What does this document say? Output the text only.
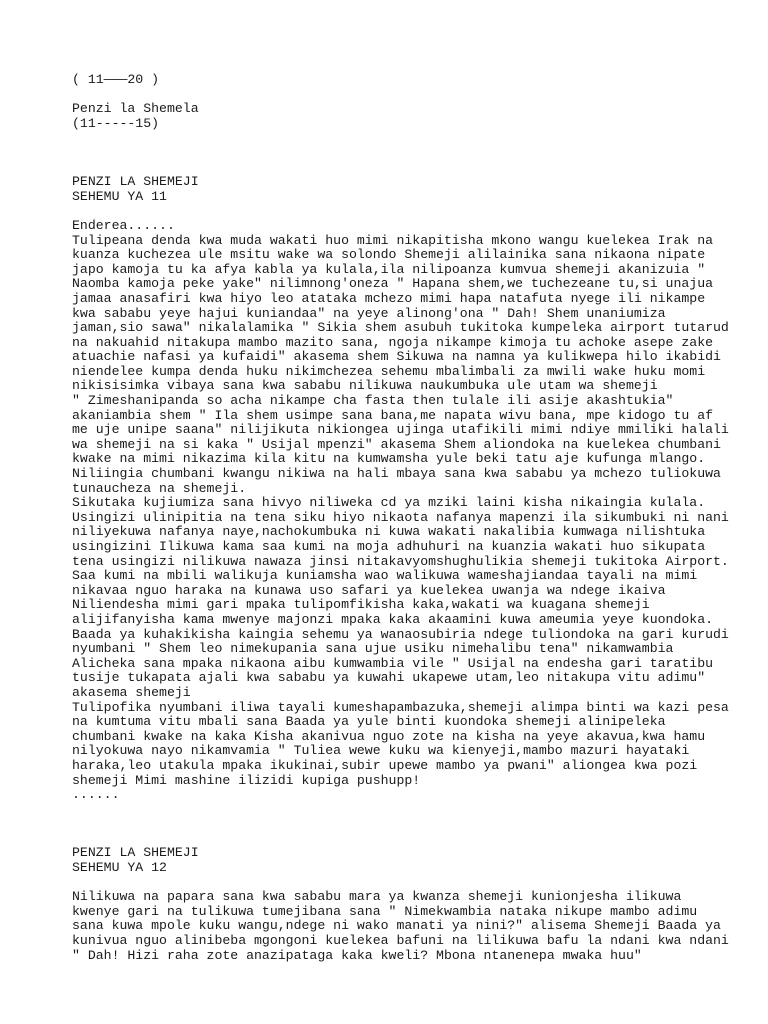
( 11———20 )
Penzi la Shemela
(11-----15)
PENZI LA SHEMEJI
SEHEMU YA 11
Enderea......
Tulipeana denda kwa muda wakati huo mimi nikapitisha mkono wangu kuelekea Irak na
kuanza kuchezea ule msitu wake wa solondo Shemeji alilainika sana nikaona nipate
japo kamoja tu ka afya kabla ya kulala,ila nilipoanza kumvua shemeji akanizuia "
Naomba kamoja peke yake" nilimnong'oneza " Hapana shem,we tuchezeane tu,si unajua
jamaa anasafiri kwa hiyo leo atataka mchezo mimi hapa natafuta nyege ili nikampe
kwa sababu yeye hajui kuniandaa" na yeye alinong'ona " Dah! Shem unaniumiza
jaman,sio sawa" nikalalamika " Sikia shem asubuh tukitoka kumpeleka airport tutarud
na nakuahid nitakupa mambo mazito sana, ngoja nikampe kimoja tu achoke asepe zake
atuachie nafasi ya kufaidi" akasema shem Sikuwa na namna ya kulikwepa hilo ikabidi
niendelee kumpa denda huku nikimchezea sehemu mbalimbali za mwili wake huku momi
nikisisimka vibaya sana kwa sababu nilikuwa naukumbuka ule utam wa shemeji
" Zimeshanipanda so acha nikampe cha fasta then tulale ili asije akashtukia"
akaniambia shem " Ila shem usimpe sana bana,me napata wivu bana, mpe kidogo tu af
me uje unipe saana" nilijikuta nikiongea ujinga utafikili mimi ndiye mmiliki halali
wa shemeji na si kaka " Usijal mpenzi" akasema Shem aliondoka na kuelekea chumbani
kwake na mimi nikazima kila kitu na kumwamsha yule beki tatu aje kufunga mlango.
Niliingia chumbani kwangu nikiwa na hali mbaya sana kwa sababu ya mchezo tuliokuwa
tunaucheza na shemeji.
Sikutaka kujiumiza sana hivyo niliweka cd ya mziki laini kisha nikaingia kulala.
Usingizi ulinipitia na tena siku hiyo nikaota nafanya mapenzi ila sikumbuki ni nani
niliyekuwa nafanya naye,nachokumbuka ni kuwa wakati nakalibia kumwaga nilishtuka
usingizini Ilikuwa kama saa kumi na moja adhuhuri na kuanzia wakati huo sikupata
tena usingizi nilikuwa nawaza jinsi nitakavyomshughulikia shemeji tukitoka Airport.
Saa kumi na mbili walikuja kuniamsha wao walikuwa wameshajiandaa tayali na mimi
nikavaa nguo haraka na kunawa uso safari ya kuelekea uwanja wa ndege ikaiva
Niliendesha mimi gari mpaka tulipomfikisha kaka,wakati wa kuagana shemeji
alijifanyisha kama mwenye majonzi mpaka kaka akaamini kuwa ameumia yeye kuondoka.
Baada ya kuhakikisha kaingia sehemu ya wanaosubiria ndege tuliondoka na gari kurudi
nyumbani " Shem leo nimekupania sana ujue usiku nimehalibu tena" nikamwambia
Alicheka sana mpaka nikaona aibu kumwambia vile " Usijal na endesha gari taratibu
tusije tukapata ajali kwa sababu ya kuwahi ukapewe utam,leo nitakupa vitu adimu"
akasema shemeji
Tulipofika nyumbani iliwa tayali kumeshapambazuka,shemeji alimpa binti wa kazi pesa
na kumtuma vitu mbali sana Baada ya yule binti kuondoka shemeji alinipeleka
chumbani kwake na kaka Kisha akanivua nguo zote na kisha na yeye akavua,kwa hamu
nilyokuwa nayo nikamvamia " Tuliea wewe kuku wa kienyeji,mambo mazuri hayataki
haraka,leo utakula mpaka ikukinai,subir upewe mambo ya pwani" aliongea kwa pozi
shemeji Mimi mashine ilizidi kupiga pushupp!
......
PENZI LA SHEMEJI
SEHEMU YA 12
Nilikuwa na papara sana kwa sababu mara ya kwanza shemeji kunionjesha ilikuwa
kwenye gari na tulikuwa tumejibana sana " Nimekwambia nataka nikupe mambo adimu
sana kuwa mpole kuku wangu,ndege ni wako manati ya nini?" alisema Shemeji Baada ya
kunivua nguo alinibeba mgongoni kuelekea bafuni na lilikuwa bafu la ndani kwa ndani
" Dah! Hizi raha zote anazipataga kaka kweli? Mbona ntanenepa mwaka huu"
